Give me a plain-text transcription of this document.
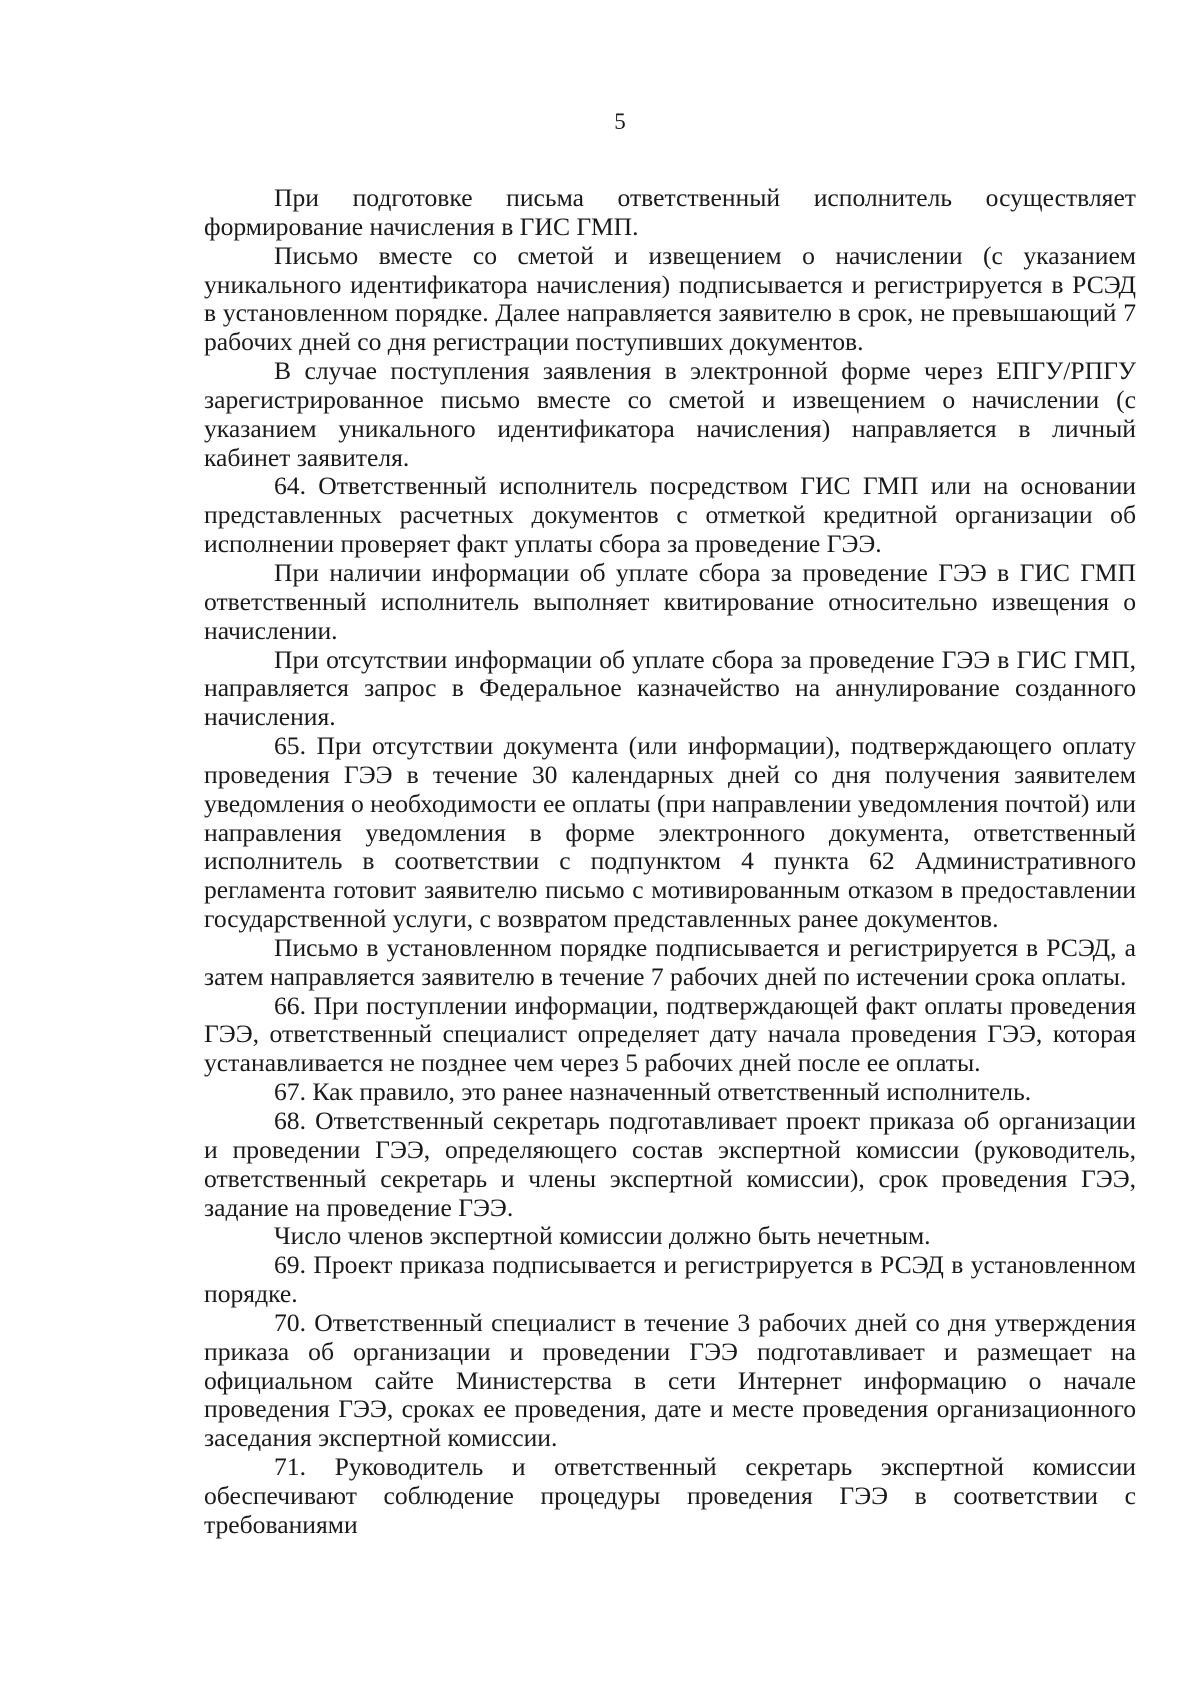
5

При подготовке письма ответственный исполнитель осуществляет формирование начисления в ГИС ГМП.

Письмо вместе со сметой и извещением о начислении (с указанием уникального идентификатора начисления) подписывается и регистрируется в РСЭД в установленном порядке. Далее направляется заявителю в срок, не превышающий 7 рабочих дней со дня регистрации поступивших документов.

В случае поступления заявления в электронной форме через ЕПГУ/РПГУ зарегистрированное письмо вместе со сметой и извещением о начислении (с указанием уникального идентификатора начисления) направляется в личный кабинет заявителя.

64. Ответственный исполнитель посредством ГИС ГМП или на основании представленных расчетных документов с отметкой кредитной организации об исполнении проверяет факт уплаты сбора за проведение ГЭЭ.

При наличии информации об уплате сбора за проведение ГЭЭ в ГИС ГМП ответственный исполнитель выполняет квитирование относительно извещения о начислении.

При отсутствии информации об уплате сбора за проведение ГЭЭ в ГИС ГМП, направляется запрос в Федеральное казначейство на аннулирование созданного начисления.

65. При отсутствии документа (или информации), подтверждающего оплату проведения ГЭЭ в течение 30 календарных дней со дня получения заявителем уведомления о необходимости ее оплаты (при направлении уведомления почтой) или направления уведомления в форме электронного документа, ответственный исполнитель в соответствии с подпунктом 4 пункта 62 Административного регламента готовит заявителю письмо с мотивированным отказом в предоставлении государственной услуги, с возвратом представленных ранее документов.

Письмо в установленном порядке подписывается и регистрируется в РСЭД, а затем направляется заявителю в течение 7 рабочих дней по истечении срока оплаты.

66. При поступлении информации, подтверждающей факт оплаты проведения ГЭЭ, ответственный специалист определяет дату начала проведения ГЭЭ, которая устанавливается не позднее чем через 5 рабочих дней после ее оплаты.

67. Как правило, это ранее назначенный ответственный исполнитель.

68. Ответственный секретарь подготавливает проект приказа об организации и проведении ГЭЭ, определяющего состав экспертной комиссии (руководитель, ответственный секретарь и члены экспертной комиссии), срок проведения ГЭЭ, задание на проведение ГЭЭ.

Число членов экспертной комиссии должно быть нечетным.

69. Проект приказа подписывается и регистрируется в РСЭД в установленном порядке.

70. Ответственный специалист в течение 3 рабочих дней со дня утверждения приказа об организации и проведении ГЭЭ подготавливает и размещает на официальном сайте Министерства в сети Интернет информацию о начале проведения ГЭЭ, сроках ее проведения, дате и месте проведения организационного заседания экспертной комиссии.

71. Руководитель и ответственный секретарь экспертной комиссии обеспечивают соблюдение процедуры проведения ГЭЭ в соответствии с требованиями
